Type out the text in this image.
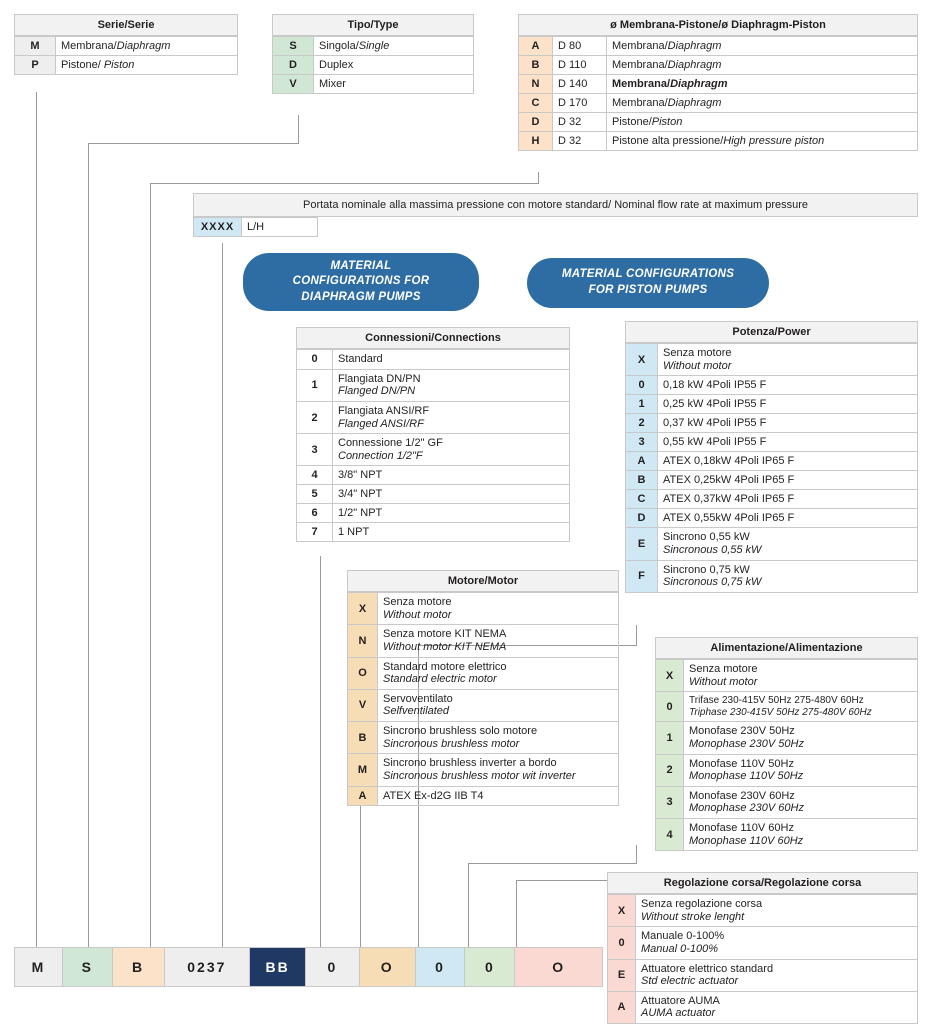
Serie/Serie
M	Membrana/Diaphragm
P	Pistone/ Piston
Tipo/Type
S	Singola/Single
D	Duplex
V	Mixer
ø Membrana-Pistone/ø Diaphragm-Piston
A	D 80	Membrana/Diaphragm
B	D 110	Membrana/Diaphragm
N	D 140	Membrana/Diaphragm
C	D 170	Membrana/Diaphragm
D	D 32	Pistone/Piston
H	D 32	Pistone alta pressione/High pressure piston
Portata nominale alla massima pressione con motore standard/ Nominal flow rate at maximum pressure
XXXX	L/H	
MATERIAL
CONFIGURATIONS FOR
DIAPHRAGM PUMPS
MATERIAL CONFIGURATIONS
FOR PISTON PUMPS
Connessioni/Connections
0	Standard
1	Flangiata DN/PN
Flanged DN/PN
2	Flangiata ANSI/RF
Flanged ANSI/RF
3	Connessione 1/2" GF
Connection 1/2"F
4	3/8" NPT
5	3/4" NPT
6	1/2" NPT
7	1 NPT
Potenza/Power
X	Senza motore
Without motor
0	0,18 kW 4Poli IP55 F
1	0,25 kW 4Poli IP55 F
2	0,37 kW 4Poli IP55 F
3	0,55 kW 4Poli IP55 F
A	ATEX 0,18kW 4Poli IP65 F
B	ATEX 0,25kW 4Poli IP65 F
C	ATEX 0,37kW 4Poli IP65 F
D	ATEX 0,55kW 4Poli IP65 F
E	Sincrono 0,55 kW
Sincronous 0,55 kW
F	Sincrono 0,75 kW
Sincronous 0,75 kW
Motore/Motor
X	Senza motore
Without motor
N	Senza motore KIT NEMA
Without motor KIT NEMA
O	Standard motore elettrico
Standard electric motor
V	Servoventilato
Selfventilated
B	Sincrono brushless solo motore
Sincronous brushless motor
M	Sincrono brushless inverter a bordo
Sincronous brushless motor wit inverter
A	ATEX Ex-d2G IIB T4
Alimentazione/Alimentazione
X	Senza motore
Without motor
0	Trifase 230-415V 50Hz 275-480V 60Hz
Triphase 230-415V 50Hz 275-480V 60Hz
1	Monofase 230V 50Hz
Monophase 230V 50Hz
2	Monofase 110V 50Hz
Monophase 110V 50Hz
3	Monofase 230V 60Hz
Monophase 230V 60Hz
4	Monofase 110V 60Hz
Monophase 110V 60Hz
Regolazione corsa/Regolazione corsa
X	Senza regolazione corsa
Without stroke lenght
0	Manuale 0-100%
Manual 0-100%
E	Attuatore elettrico standard
Std electric actuator
A	Attuatore AUMA
AUMA actuator
M	S	B	0237	BB	0	O	0	0	O
